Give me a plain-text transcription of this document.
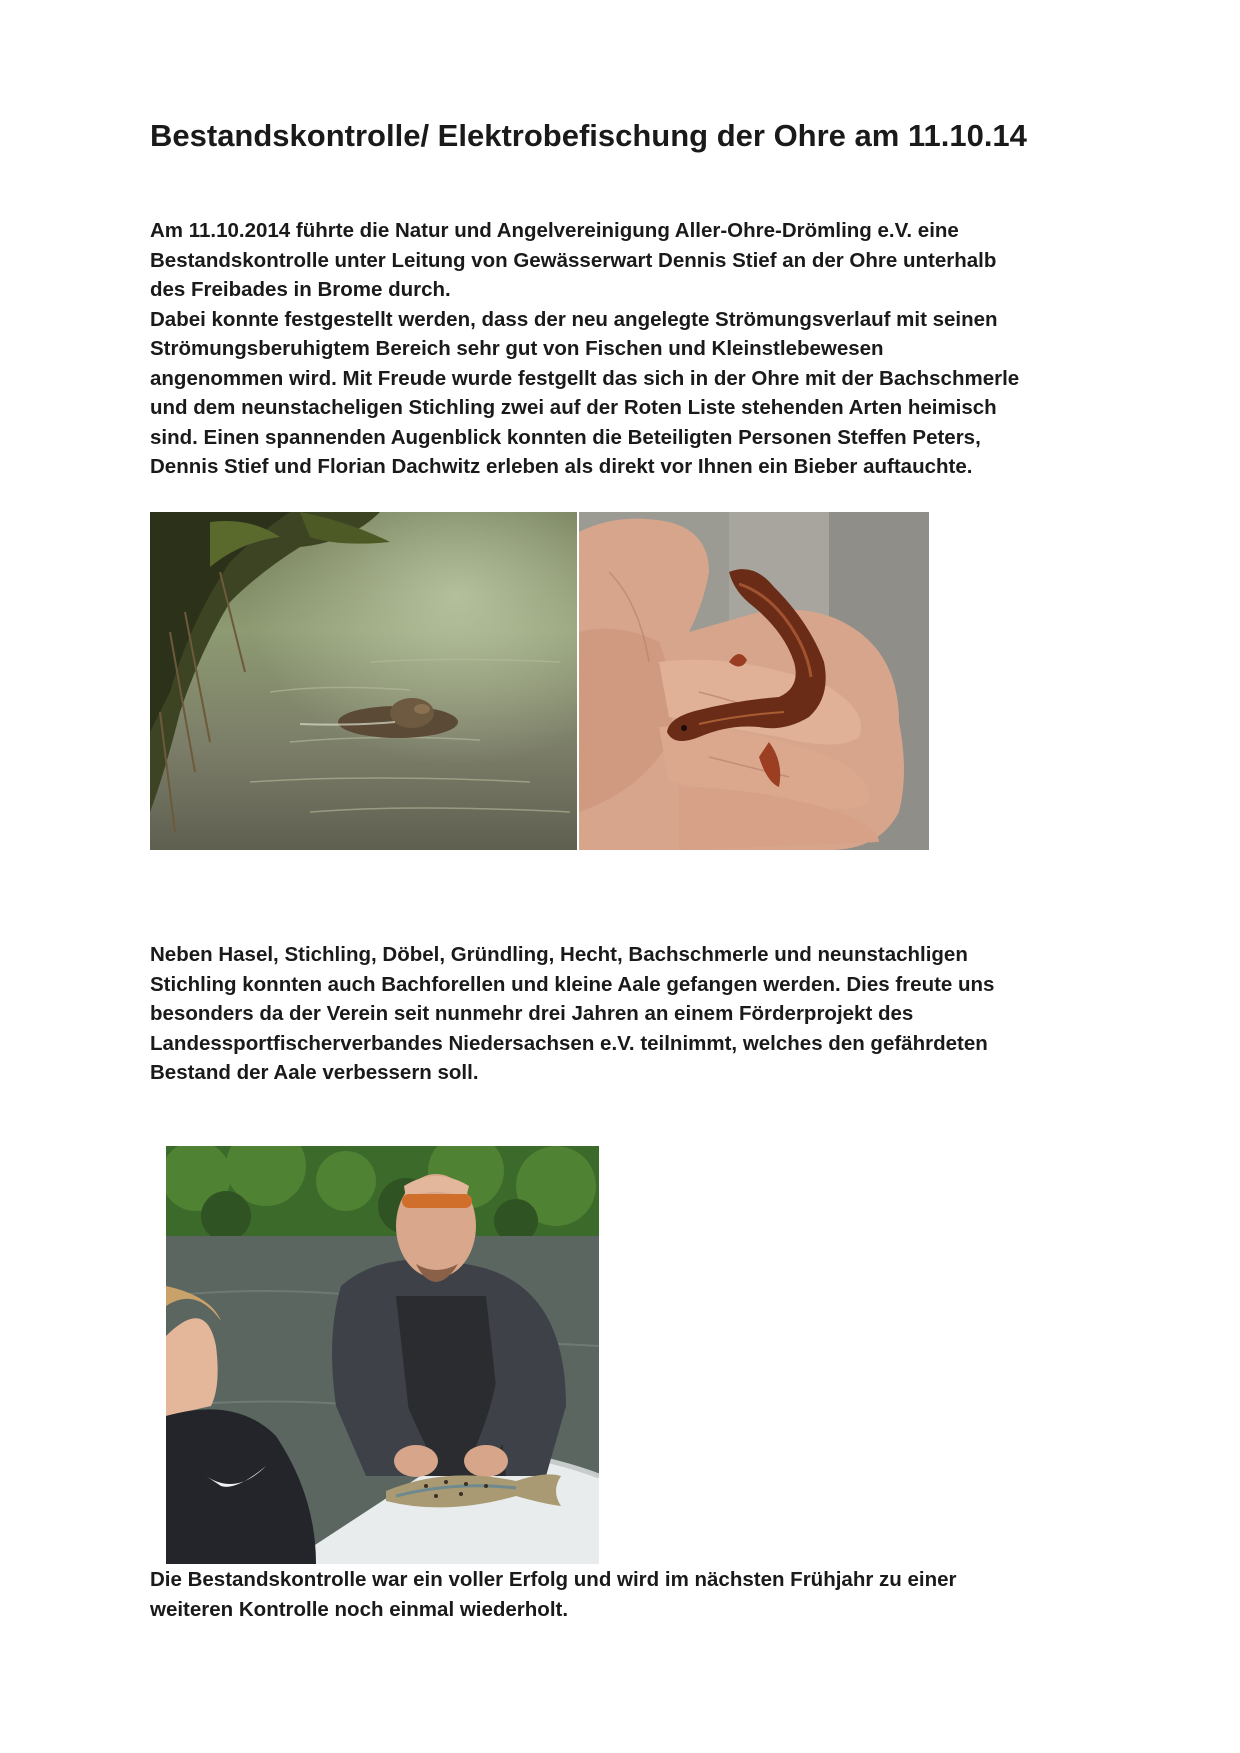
Bestandskontrolle/ Elektrobefischung der Ohre am 11.10.14
Am 11.10.2014 führte die Natur und Angelvereinigung Aller-Ohre-Drömling e.V. eine
Bestandskontrolle unter Leitung von Gewässerwart Dennis Stief an der Ohre unterhalb
des Freibades in Brome durch.
Dabei konnte festgestellt werden, dass der neu angelegte Strömungsverlauf mit seinen
Strömungsberuhigtem Bereich sehr gut von Fischen und Kleinstlebewesen
angenommen wird. Mit Freude wurde festgellt das sich in der Ohre mit der Bachschmerle
und dem neunstacheligen Stichling zwei auf der Roten Liste stehenden Arten heimisch
sind. Einen spannenden Augenblick konnten die Beteiligten Personen Steffen Peters,
Dennis Stief und Florian Dachwitz erleben als direkt vor Ihnen ein Bieber auftauchte.
Neben Hasel, Stichling, Döbel, Gründling, Hecht, Bachschmerle und neunstachligen
Stichling konnten auch Bachforellen und kleine Aale gefangen werden. Dies freute uns
besonders da der Verein seit nunmehr drei Jahren an einem Förderprojekt des
Landessportfischerverbandes Niedersachsen e.V. teilnimmt, welches den gefährdeten
Bestand der Aale verbessern soll.
Die Bestandskontrolle war ein voller Erfolg und wird im nächsten Frühjahr zu einer
weiteren Kontrolle noch einmal wiederholt.
